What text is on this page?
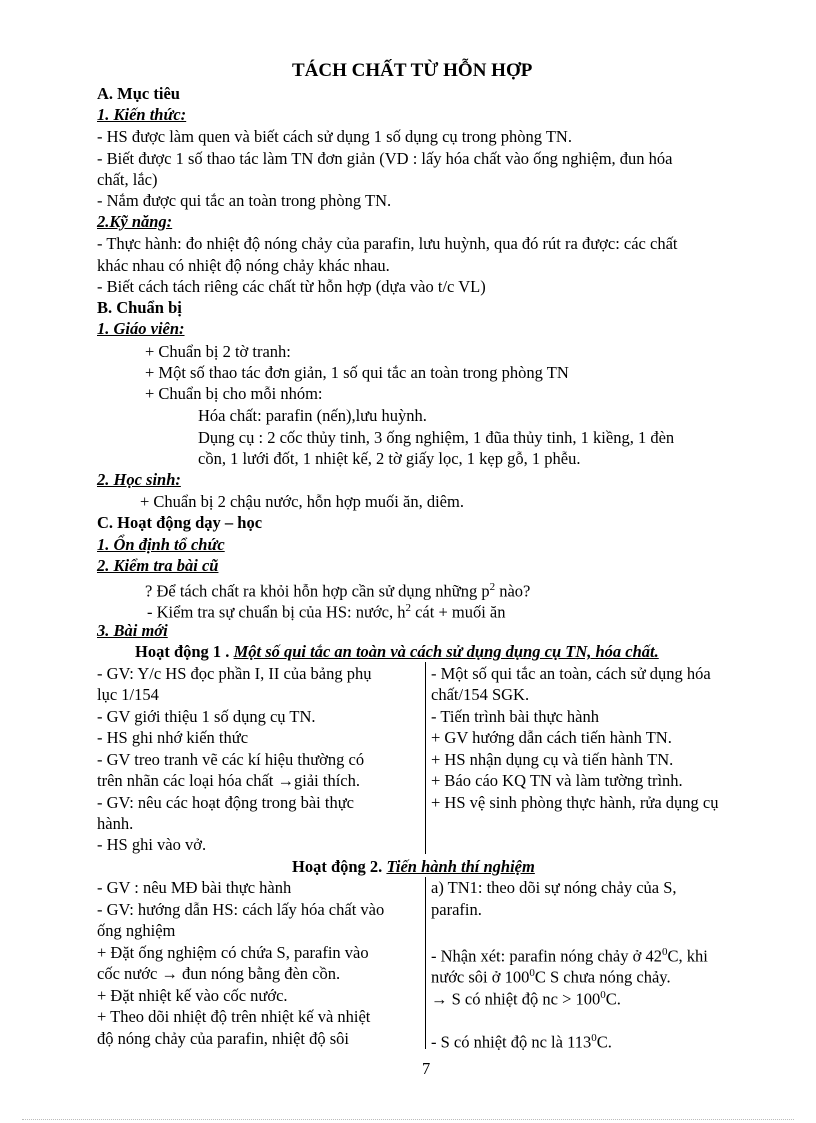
TÁCH CHẤT TỪ HỖN HỢP
A. Mục tiêu
1. Kiến thức:
- HS được làm quen và biết cách sử dụng 1 số dụng cụ trong phòng TN.
- Biết được 1 số thao tác làm TN đơn giản (VD : lấy hóa chất vào ống nghiệm, đun hóa
chất, lắc)
- Nắm được qui tắc an toàn trong phòng TN.
2.Kỹ năng:
- Thực hành: đo nhiệt độ nóng chảy của parafin, lưu huỳnh, qua đó rút ra được: các chất
khác nhau có nhiệt độ nóng chảy khác nhau.
- Biết cách tách riêng các chất từ hỗn hợp (dựa vào t/c VL)
B. Chuẩn bị
1. Giáo viên:
+ Chuẩn bị 2 tờ tranh:
+ Một số thao tác đơn giản, 1 số qui tắc an toàn trong phòng TN
+ Chuẩn bị cho mỗi nhóm:
Hóa chất: parafin (nến),lưu huỳnh.
Dụng cụ : 2 cốc thủy tinh, 3 ống nghiệm, 1 đũa thủy tinh, 1 kiềng, 1 đèn
cồn, 1 lưới đốt, 1 nhiệt kế, 2 tờ giấy lọc, 1 kẹp gỗ, 1 phễu.
2. Học sinh:
+ Chuẩn bị 2 chậu nước, hỗn hợp muối ăn, diêm.
C. Hoạt động dạy – học
1. Ổn định tổ chức
2. Kiểm tra bài cũ
? Để tách chất ra khỏi hỗn hợp cần sử dụng những $p^2$ nào?
- Kiểm tra sự chuẩn bị của HS: nước, $h^2$ cát + muối ăn
3. Bài mới
Hoạt động 1 . Một số qui tắc an toàn và cách sử dụng dụng cụ TN, hóa chất.
- GV: Y/c HS đọc phần I, II của bảng phụ
lục 1/154
- GV giới thiệu 1 số dụng cụ TN.
- HS ghi nhớ kiến thức
- GV treo tranh vẽ các kí hiệu thường có
trên nhãn các loại hóa chất →giải thích.
- GV: nêu các hoạt động trong bài thực
hành.
- HS ghi vào vở.
- Một số qui tắc an toàn, cách sử dụng hóa
chất/154 SGK.
- Tiến trình bài thực hành
+ GV hướng dẫn cách tiến hành TN.
+ HS nhận dụng cụ và tiến hành TN.
+ Báo cáo KQ TN và làm tường trình.
+ HS vệ sinh phòng thực hành, rửa dụng cụ
Hoạt động 2. Tiến hành thí nghiệm
- GV : nêu MĐ bài thực hành
- GV: hướng dẫn HS: cách lấy hóa chất vào
ống nghiệm
+ Đặt ống nghiệm có chứa S, parafin vào
cốc nước → đun nóng bằng đèn cồn.
+ Đặt nhiệt kế vào cốc nước.
+ Theo dõi nhiệt độ trên nhiệt kế và nhiệt
độ nóng chảy của parafin, nhiệt độ sôi
a) TN1: theo dõi sự nóng chảy của S,
parafin.
- Nhận xét: parafin nóng chảy ở $42^0C$, khi
nước sôi ở $100^0C$ S chưa nóng chảy.
→ S có nhiệt độ nc > $100^0C$.
- S có nhiệt độ nc là $113^0C$.
7
